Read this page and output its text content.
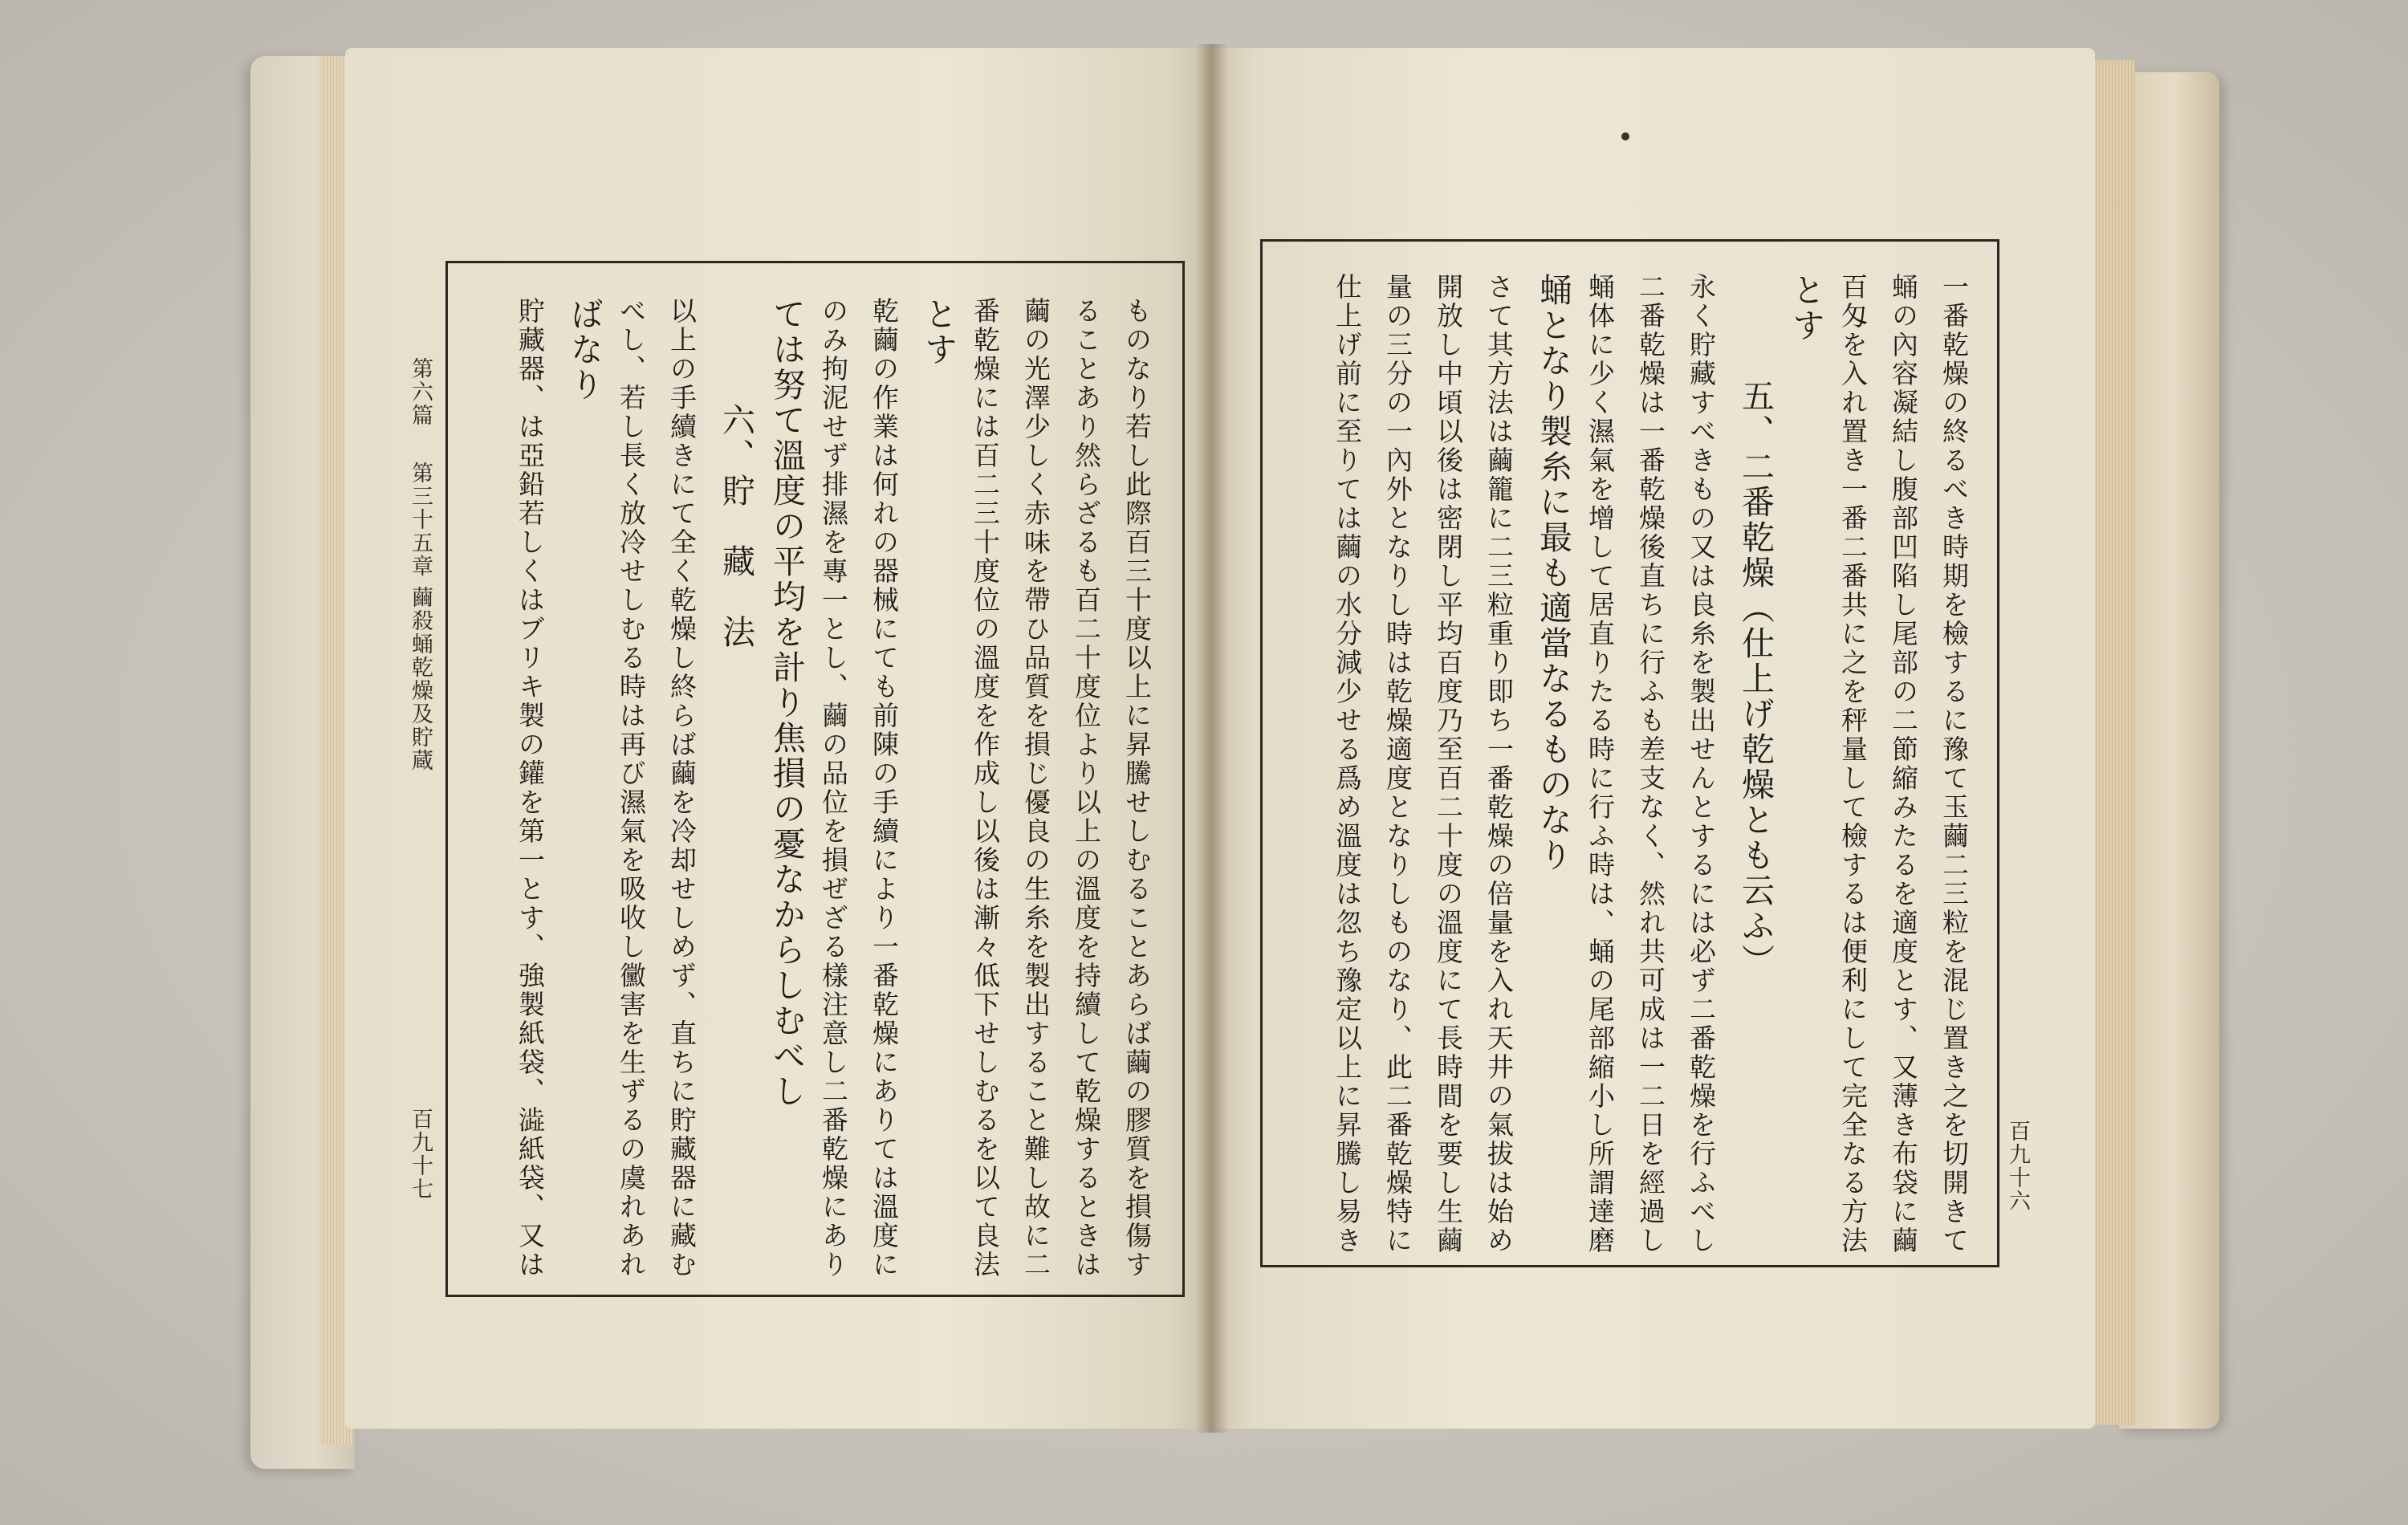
百九十六
一番乾燥の終るべき時期を檢するに豫て玉繭二三粒を混じ置き之を切開きて
蛹の內容凝結し腹部凹陷し尾部の二節縮みたるを適度とす、又薄き布袋に繭
百匁を入れ置き一番二番共に之を秤量して檢するは便利にして完全なる方法
とす
　　　五、二番乾燥（仕上げ乾燥とも云ふ）
永く貯藏すべきもの又は良糸を製出せんとするには必ず二番乾燥を行ふべし
二番乾燥は一番乾燥後直ちに行ふも差支なく、然れ共可成は一二日を經過し
蛹体に少く濕氣を增して居直りたる時に行ふ時は、蛹の尾部縮小し所謂達磨
蛹となり製糸に最も適當なるものなり
さて其方法は繭籠に二三粒重り即ち一番乾燥の倍量を入れ天井の氣拔は始め
開放し中頃以後は密閉し平均百度乃至百二十度の溫度にて長時間を要し生繭
量の三分の一內外となりし時は乾燥適度となりしものなり、此二番乾燥特に
仕上げ前に至りては繭の水分減少せる爲め溫度は忽ち豫定以上に昇騰し易き
第六篇
第三十五章
繭殺蛹乾燥及貯蔵
百九十七	ものなり若し此際百三十度以上に昇騰せしむることあらば繭の膠質を損傷す
ることあり然らざるも百二十度位より以上の溫度を持續して乾燥するときは
繭の光澤少しく赤味を帶ひ品質を損じ優良の生糸を製出すること難し故に二
番乾燥には百二三十度位の溫度を作成し以後は漸々低下せしむるを以て良法
とす
乾繭の作業は何れの器械にても前陳の手續により一番乾燥にありては溫度に
のみ拘泥せず排濕を專一とし、繭の品位を損ぜざる樣注意し二番乾燥にあり
ては努て溫度の平均を計り焦損の憂なからしむべし
　　　六、貯　藏　法
以上の手續きにて全く乾燥し終らば繭を冷却せしめず、直ちに貯藏器に藏む
べし、若し長く放冷せしむる時は再び濕氣を吸收し黴害を生ずるの虞れあれ
ばなり
貯藏器、は亞鉛若しくはブリキ製の鑵を第一とす、強製紙袋、澁紙袋、又は
